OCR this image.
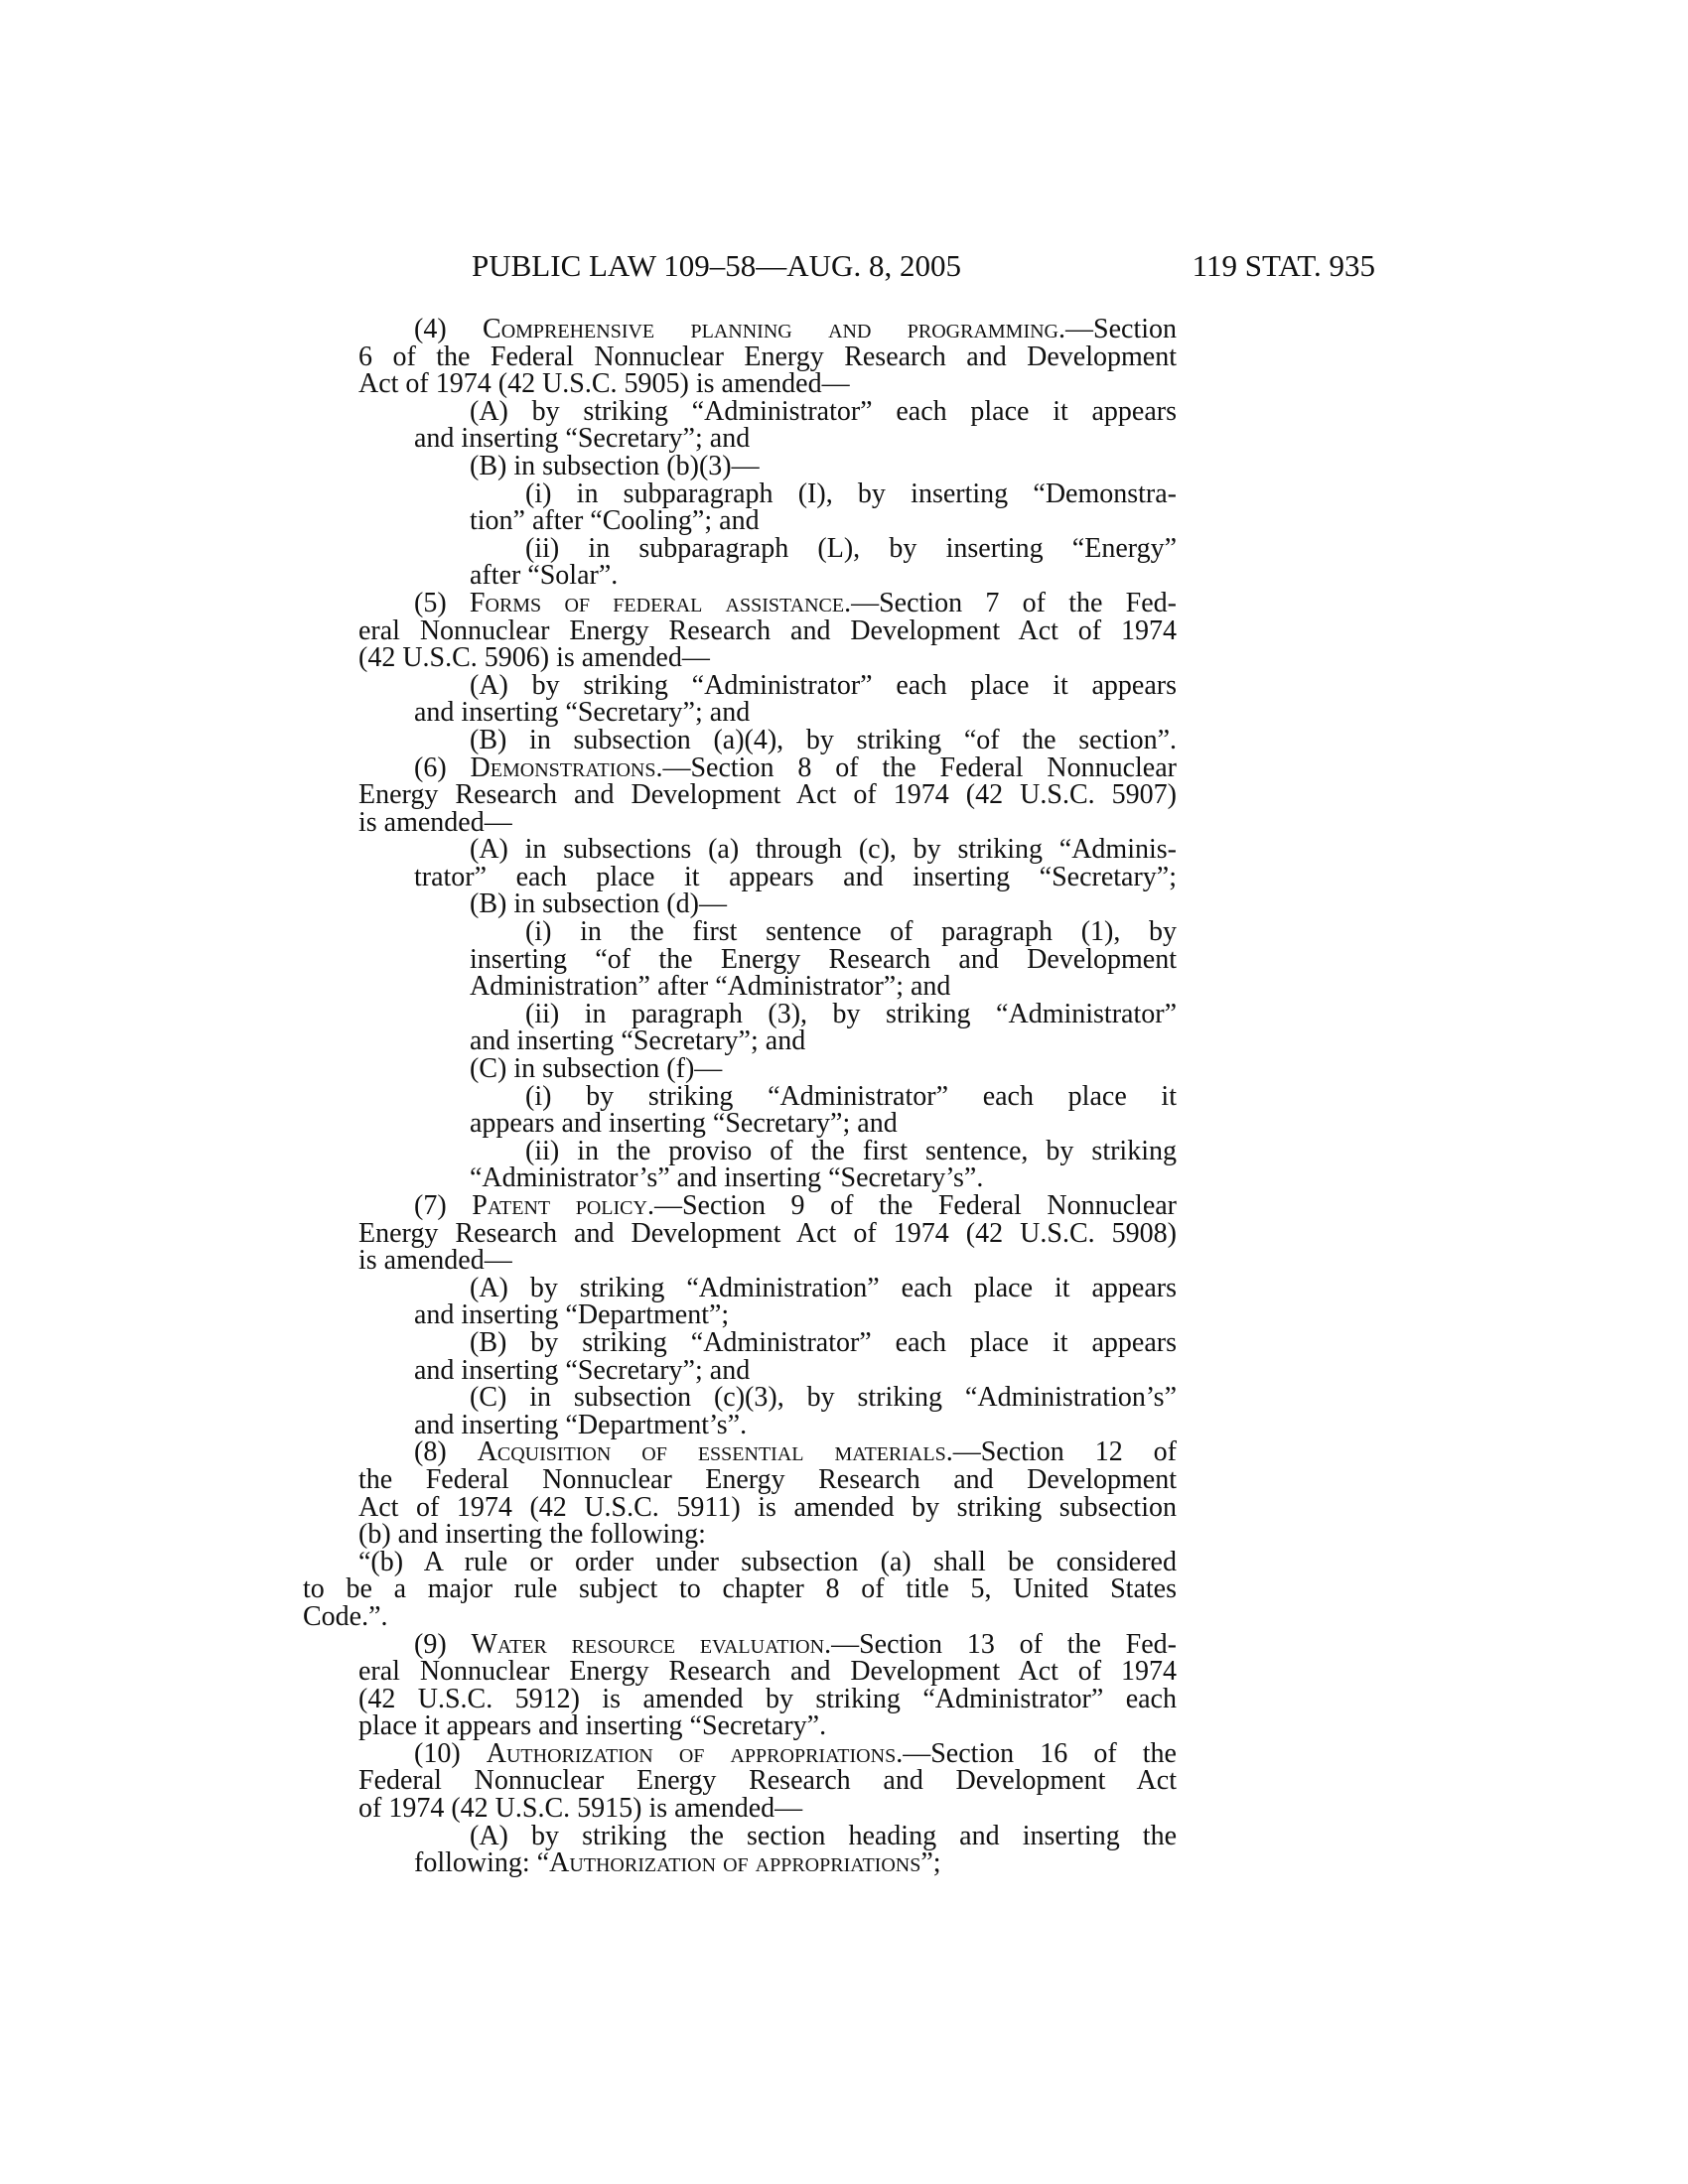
PUBLIC LAW 109–58—AUG. 8, 2005	119 STAT. 935
(4) Comprehensive planning and programming.—Section
6 of the Federal Nonnuclear Energy Research and Development
Act of 1974 (42 U.S.C. 5905) is amended—
(A) by striking “Administrator” each place it appears
and inserting “Secretary”; and
(B) in subsection (b)(3)—
(i) in subparagraph (I), by inserting “Demonstra-
tion” after “Cooling”; and
(ii) in subparagraph (L), by inserting “Energy”
after “Solar”.
(5) Forms of federal assistance.—Section 7 of the Fed-
eral Nonnuclear Energy Research and Development Act of 1974
(42 U.S.C. 5906) is amended—
(A) by striking “Administrator” each place it appears
and inserting “Secretary”; and
(B) in subsection (a)(4), by striking “of the section”.
(6) Demonstrations.—Section 8 of the Federal Nonnuclear
Energy Research and Development Act of 1974 (42 U.S.C. 5907)
is amended—
(A) in subsections (a) through (c), by striking “Adminis-
trator” each place it appears and inserting “Secretary”;
(B) in subsection (d)—
(i) in the first sentence of paragraph (1), by
inserting “of the Energy Research and Development
Administration” after “Administrator”; and
(ii) in paragraph (3), by striking “Administrator”
and inserting “Secretary”; and
(C) in subsection (f)—
(i) by striking “Administrator” each place it
appears and inserting “Secretary”; and
(ii) in the proviso of the first sentence, by striking
“Administrator’s” and inserting “Secretary’s”.
(7) Patent policy.—Section 9 of the Federal Nonnuclear
Energy Research and Development Act of 1974 (42 U.S.C. 5908)
is amended—
(A) by striking “Administration” each place it appears
and inserting “Department”;
(B) by striking “Administrator” each place it appears
and inserting “Secretary”; and
(C) in subsection (c)(3), by striking “Administration’s”
and inserting “Department’s”.
(8) Acquisition of essential materials.—Section 12 of
the Federal Nonnuclear Energy Research and Development
Act of 1974 (42 U.S.C. 5911) is amended by striking subsection
(b) and inserting the following:
“(b) A rule or order under subsection (a) shall be considered
to be a major rule subject to chapter 8 of title 5, United States
Code.”.
(9) Water resource evaluation.—Section 13 of the Fed-
eral Nonnuclear Energy Research and Development Act of 1974
(42 U.S.C. 5912) is amended by striking “Administrator” each
place it appears and inserting “Secretary”.
(10) Authorization of appropriations.—Section 16 of the
Federal Nonnuclear Energy Research and Development Act
of 1974 (42 U.S.C. 5915) is amended—
(A) by striking the section heading and inserting the
following: “Authorization of appropriations”;
